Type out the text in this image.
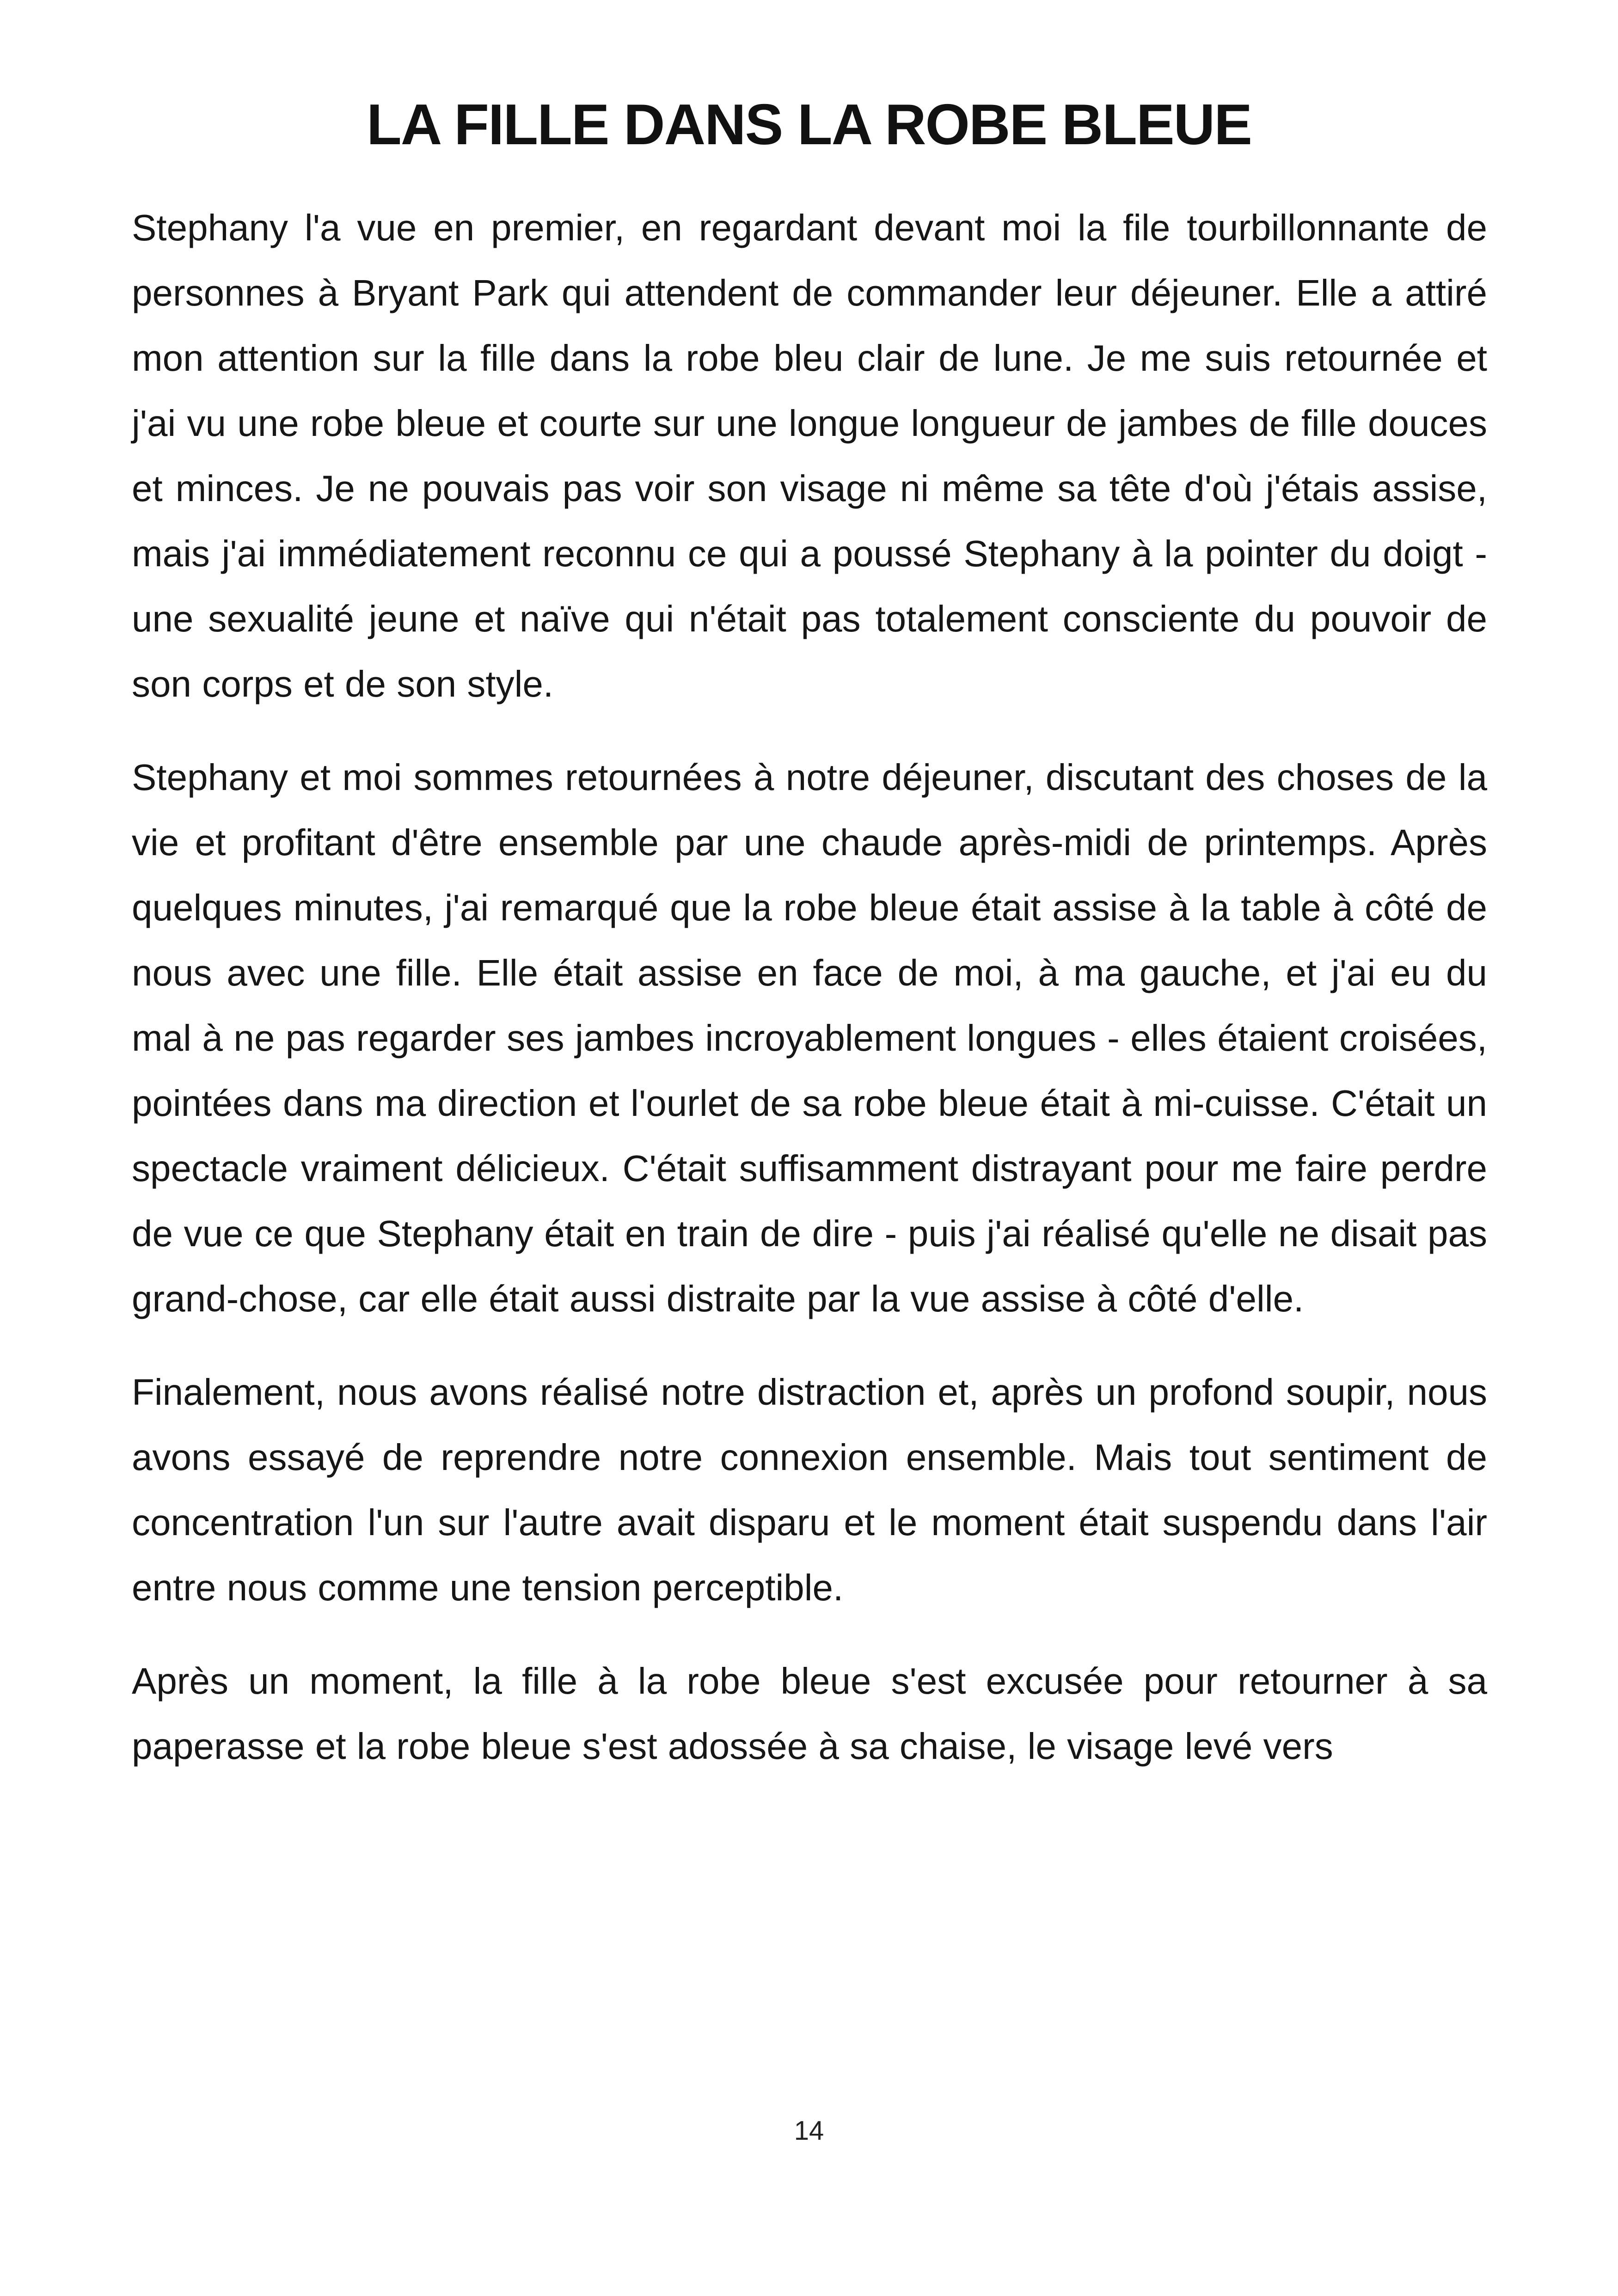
LA FILLE DANS LA ROBE BLEUE

Stephany l'a vue en premier, en regardant devant moi la file tourbillonnante de personnes à Bryant Park qui attendent de commander leur déjeuner. Elle a attiré mon attention sur la fille dans la robe bleu clair de lune. Je me suis retournée et j'ai vu une robe bleue et courte sur une longue longueur de jambes de fille douces et minces. Je ne pouvais pas voir son visage ni même sa tête d'où j'étais assise, mais j'ai immédiatement reconnu ce qui a poussé Stephany à la pointer du doigt - une sexualité jeune et naïve qui n'était pas totalement consciente du pouvoir de son corps et de son style.

Stephany et moi sommes retournées à notre déjeuner, discutant des choses de la vie et profitant d'être ensemble par une chaude après-midi de printemps. Après quelques minutes, j'ai remarqué que la robe bleue était assise à la table à côté de nous avec une fille. Elle était assise en face de moi, à ma gauche, et j'ai eu du mal à ne pas regarder ses jambes incroyablement longues - elles étaient croisées, pointées dans ma direction et l'ourlet de sa robe bleue était à mi-cuisse. C'était un spectacle vraiment délicieux. C'était suffisamment distrayant pour me faire perdre de vue ce que Stephany était en train de dire - puis j'ai réalisé qu'elle ne disait pas grand-chose, car elle était aussi distraite par la vue assise à côté d'elle.

Finalement, nous avons réalisé notre distraction et, après un profond soupir, nous avons essayé de reprendre notre connexion ensemble. Mais tout sentiment de concentration l'un sur l'autre avait disparu et le moment était suspendu dans l'air entre nous comme une tension perceptible.

Après un moment, la fille à la robe bleue s'est excusée pour retourner à sa paperasse et la robe bleue s'est adossée à sa chaise, le visage levé vers

14
